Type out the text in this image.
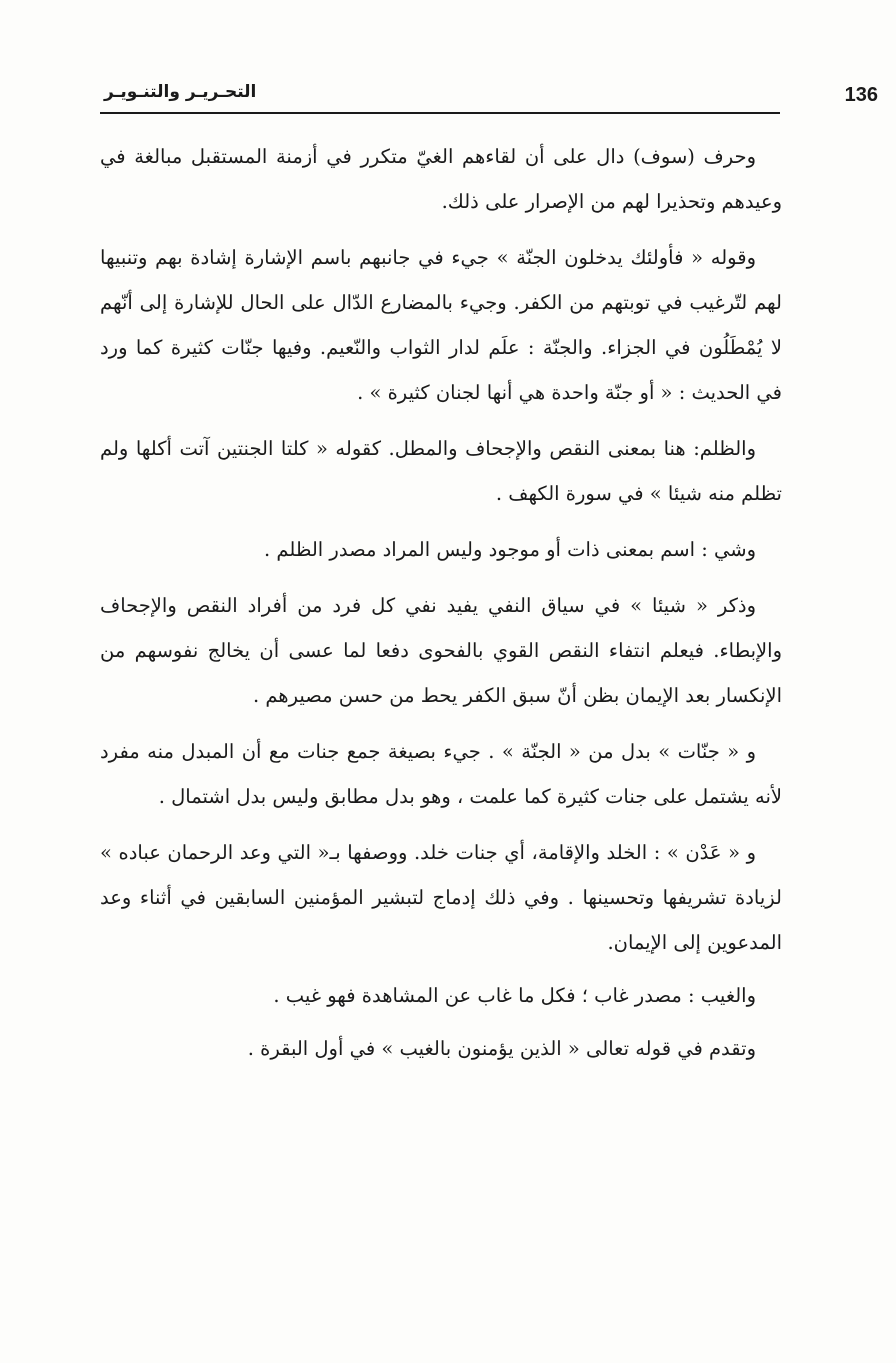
136
التحـريـر والتنـويـر

وحرف (سوف) دال على أن لقاءهم الغيّ متكرر في أزمنة المستقبل مبالغة في وعيدهم وتحذيرا لهم من الإصرار على ذلك.

وقوله « فأولئك يدخلون الجنّة » جيء في جانبهم باسم الإشارة إشادة بهم وتنبيها لهم لتّرغيب في توبتهم من الكفر. وجيء بالمضارع الدّال على الحال للإشارة إلى أنّهم لا يُمْطَلُون في الجزاء. والجنّة : علَم لدار الثواب والنّعيم. وفيها جنّات كثيرة كما ورد في الحديث : « أو جنّة واحدة هي أنها لجنان كثيرة » .

والظلم: هنا بمعنى النقص والإجحاف والمطل. كقوله « كلتا الجنتين آتت أكلها ولم تظلم منه شيئا » في سورة الكهف .

وشي : اسم بمعنى ذات أو موجود وليس المراد مصدر الظلم .

وذكر « شيئا » في سياق النفي يفيد نفي كل فرد من أفراد النقص والإجحاف والإبطاء. فيعلم انتفاء النقص القوي بالفحوى دفعا لما عسى أن يخالج نفوسهم من الإنكسار بعد الإيمان بظن أنّ سبق الكفر يحط من حسن مصيرهم .

و « جنّات » بدل من « الجنّة » . جيء بصيغة جمع جنات مع أن المبدل منه مفرد لأنه يشتمل على جنات كثيرة كما علمت ، وهو بدل مطابق وليس بدل اشتمال .

و « عَدْن » : الخلد والإقامة، أي جنات خلد. ووصفها بـ« التي وعد الرحمان عباده » لزيادة تشريفها وتحسينها . وفي ذلك إدماج لتبشير المؤمنين السابقين في أثناء وعد المدعوين إلى الإيمان.

والغيب : مصدر غاب ؛ فكل ما غاب عن المشاهدة فهو غيب .

وتقدم في قوله تعالى « الذين يؤمنون بالغيب » في أول البقرة .
